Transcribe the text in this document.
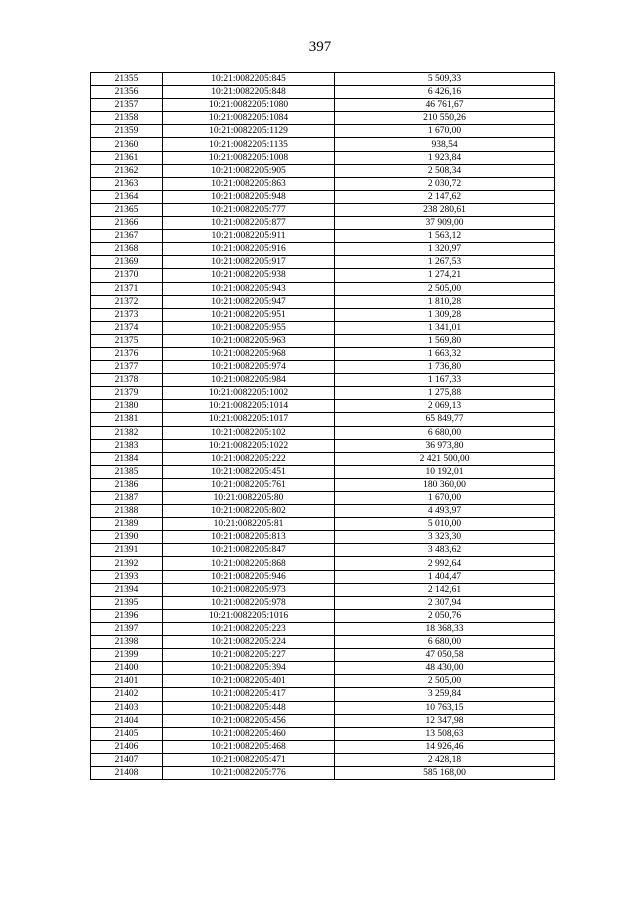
397
21355	10:21:0082205:845	5 509,33
21356	10:21:0082205:848	6 426,16
21357	10:21:0082205:1080	46 761,67
21358	10:21:0082205:1084	210 550,26
21359	10:21:0082205:1129	1 670,00
21360	10:21:0082205:1135	938,54
21361	10:21:0082205:1008	1 923,84
21362	10:21:0082205:905	2 508,34
21363	10:21:0082205:863	2 030,72
21364	10:21:0082205:948	2 147,62
21365	10:21:0082205:777	238 280,61
21366	10:21:0082205:877	37 909,00
21367	10:21:0082205:911	1 563,12
21368	10:21:0082205:916	1 320,97
21369	10:21:0082205:917	1 267,53
21370	10:21:0082205:938	1 274,21
21371	10:21:0082205:943	2 505,00
21372	10:21:0082205:947	1 810,28
21373	10:21:0082205:951	1 309,28
21374	10:21:0082205:955	1 341,01
21375	10:21:0082205:963	1 569,80
21376	10:21:0082205:968	1 663,32
21377	10:21:0082205:974	1 736,80
21378	10:21:0082205:984	1 167,33
21379	10:21:0082205:1002	1 275,88
21380	10:21:0082205:1014	2 069,13
21381	10:21:0082205:1017	65 849,77
21382	10:21:0082205:102	6 680,00
21383	10:21:0082205:1022	36 973,80
21384	10:21:0082205:222	2 421 500,00
21385	10:21:0082205:451	10 192,01
21386	10:21:0082205:761	180 360,00
21387	10:21:0082205:80	1 670,00
21388	10:21:0082205:802	4 493,97
21389	10:21:0082205:81	5 010,00
21390	10:21:0082205:813	3 323,30
21391	10:21:0082205:847	3 483,62
21392	10:21:0082205:868	2 992,64
21393	10:21:0082205:946	1 404,47
21394	10:21:0082205:973	2 142,61
21395	10:21:0082205:978	2 307,94
21396	10:21:0082205:1016	2 050,76
21397	10:21:0082205:223	18 368,33
21398	10:21:0082205:224	6 680,00
21399	10:21:0082205:227	47 050,58
21400	10:21:0082205:394	48 430,00
21401	10:21:0082205:401	2 505,00
21402	10:21:0082205:417	3 259,84
21403	10:21:0082205:448	10 763,15
21404	10:21:0082205:456	12 347,98
21405	10:21:0082205:460	13 508,63
21406	10:21:0082205:468	14 926,46
21407	10:21:0082205:471	2 428,18
21408	10:21:0082205:776	585 168,00
